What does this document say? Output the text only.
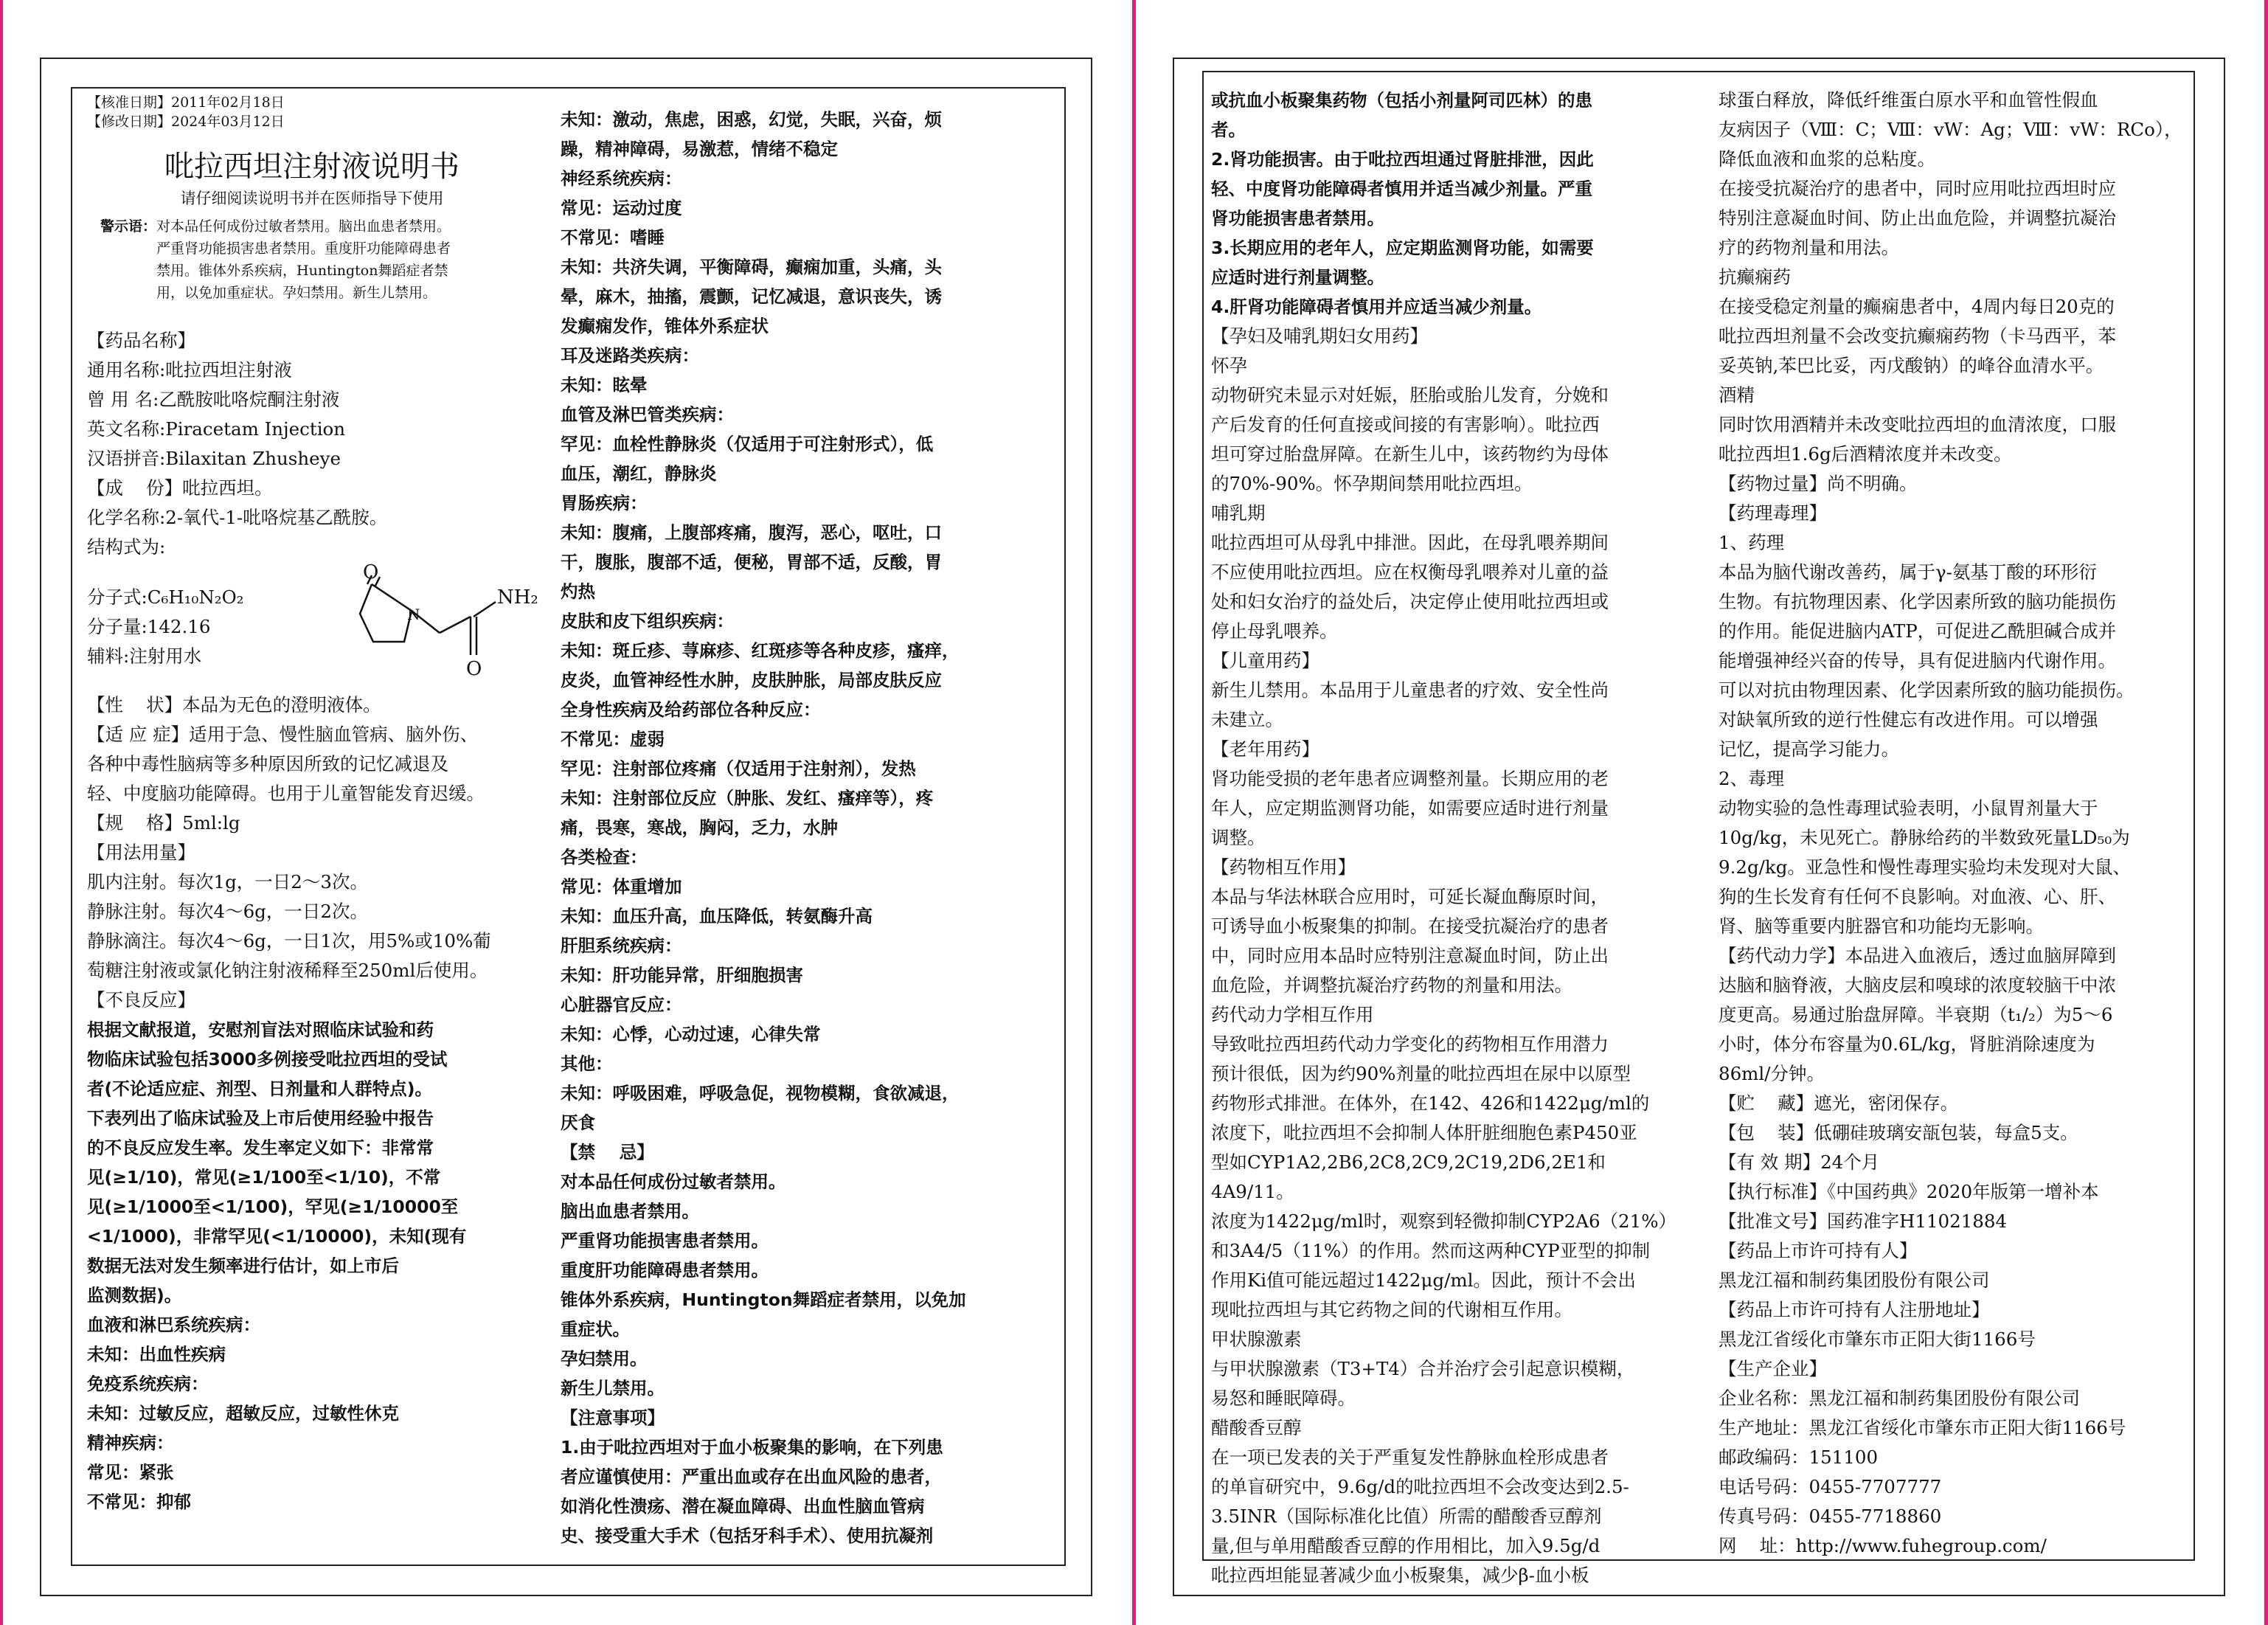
【核准日期】2011年02月18日

【修改日期】2024年03月12日

吡拉西坦注射液说明书

请仔细阅读说明书并在医师指导下使用

警示语： 对本品任何成份过敏者禁用。脑出血患者禁用。严重肾功能损害患者禁用。重度肝功能障碍患者禁用。锥体外系疾病，Huntington舞蹈症者禁用，以免加重症状。孕妇禁用。新生儿禁用。

【药品名称】

通用名称:吡拉西坦注射液

曾 用 名:乙酰胺吡咯烷酮注射液

英文名称:Piracetam Injection

汉语拼音:Bilaxitan Zhusheye

【成    份】吡拉西坦。

化学名称:2-氧代-1-吡咯烷基乙酰胺。

结构式为:

分子式:C₆H₁₀N₂O₂

分子量:142.16

辅料:注射用水

O
N
NH₂
O

【性    状】本品为无色的澄明液体。

【适 应 症】适用于急、慢性脑血管病、脑外伤、

各种中毒性脑病等多种原因所致的记忆减退及

轻、中度脑功能障碍。也用于儿童智能发育迟缓。

【规    格】5ml:lg

【用法用量】

肌内注射。每次1g，一日2～3次。

静脉注射。每次4～6g，一日2次。

静脉滴注。每次4～6g，一日1次，用5%或10%葡

萄糖注射液或氯化钠注射液稀释至250ml后使用。

【不良反应】

根据文献报道，安慰剂盲法对照临床试验和药

物临床试验包括3000多例接受吡拉西坦的受试

者(不论适应症、剂型、日剂量和人群特点)。

下表列出了临床试验及上市后使用经验中报告

的不良反应发生率。发生率定义如下：非常常

见(≥1/10)，常见(≥1/100至<1/10)，不常

见(≥1/1000至<1/100)，罕见(≥1/10000至

<1/1000)，非常罕见(<1/10000)，未知(现有

数据无法对发生频率进行估计，如上市后

监测数据)。

血液和淋巴系统疾病：

未知：出血性疾病

免疫系统疾病：

未知：过敏反应，超敏反应，过敏性休克

精神疾病：

常见：紧张

不常见：抑郁

未知：激动，焦虑，困惑，幻觉，失眠，兴奋，烦

躁，精神障碍，易激惹，情绪不稳定

神经系统疾病：

常见：运动过度

不常见：嗜睡

未知：共济失调，平衡障碍，癫痫加重，头痛，头

晕，麻木，抽搐，震颤，记忆减退，意识丧失，诱

发癫痫发作，锥体外系症状

耳及迷路类疾病：

未知：眩晕

血管及淋巴管类疾病：

罕见：血栓性静脉炎（仅适用于可注射形式），低

血压，潮红，静脉炎

胃肠疾病：

未知：腹痛，上腹部疼痛，腹泻，恶心，呕吐，口

干，腹胀，腹部不适，便秘，胃部不适，反酸，胃

灼热

皮肤和皮下组织疾病：

未知：斑丘疹、荨麻疹、红斑疹等各种皮疹，瘙痒，

皮炎，血管神经性水肿，皮肤肿胀，局部皮肤反应

全身性疾病及给药部位各种反应：

不常见：虚弱

罕见：注射部位疼痛（仅适用于注射剂），发热

未知：注射部位反应（肿胀、发红、瘙痒等），疼

痛，畏寒，寒战，胸闷，乏力，水肿

各类检查：

常见：体重增加

未知：血压升高，血压降低，转氨酶升高

肝胆系统疾病：

未知：肝功能异常，肝细胞损害

心脏器官反应：

未知：心悸，心动过速，心律失常

其他：

未知：呼吸困难，呼吸急促，视物模糊，食欲减退，

厌食

【禁    忌】

对本品任何成份过敏者禁用。

脑出血患者禁用。

严重肾功能损害患者禁用。

重度肝功能障碍患者禁用。

锥体外系疾病，Huntington舞蹈症者禁用，以免加

重症状。

孕妇禁用。

新生儿禁用。

【注意事项】

1.由于吡拉西坦对于血小板聚集的影响，在下列患

者应谨慎使用：严重出血或存在出血风险的患者，

如消化性溃疡、潜在凝血障碍、出血性脑血管病

史、接受重大手术（包括牙科手术）、使用抗凝剂

或抗血小板聚集药物（包括小剂量阿司匹林）的患

者。

2.肾功能损害。由于吡拉西坦通过肾脏排泄，因此

轻、中度肾功能障碍者慎用并适当减少剂量。严重

肾功能损害患者禁用。

3.长期应用的老年人，应定期监测肾功能，如需要

应适时进行剂量调整。

4.肝肾功能障碍者慎用并应适当减少剂量。

【孕妇及哺乳期妇女用药】

怀孕

动物研究未显示对妊娠，胚胎或胎儿发育，分娩和

产后发育的任何直接或间接的有害影响）。吡拉西

坦可穿过胎盘屏障。在新生儿中，该药物约为母体

的70%-90%。怀孕期间禁用吡拉西坦。

哺乳期

吡拉西坦可从母乳中排泄。因此，在母乳喂养期间

不应使用吡拉西坦。应在权衡母乳喂养对儿童的益

处和妇女治疗的益处后，决定停止使用吡拉西坦或

停止母乳喂养。

【儿童用药】

新生儿禁用。本品用于儿童患者的疗效、安全性尚

未建立。

【老年用药】

肾功能受损的老年患者应调整剂量。长期应用的老

年人，应定期监测肾功能，如需要应适时进行剂量

调整。

【药物相互作用】

本品与华法林联合应用时，可延长凝血酶原时间，

可诱导血小板聚集的抑制。在接受抗凝治疗的患者

中，同时应用本品时应特别注意凝血时间，防止出

血危险，并调整抗凝治疗药物的剂量和用法。

药代动力学相互作用

导致吡拉西坦药代动力学变化的药物相互作用潜力

预计很低，因为约90%剂量的吡拉西坦在尿中以原型

药物形式排泄。在体外，在142、426和1422μg/ml的

浓度下，吡拉西坦不会抑制人体肝脏细胞色素P450亚

型如CYP1A2,2B6,2C8,2C9,2C19,2D6,2E1和4A9/11。

浓度为1422μg/ml时，观察到轻微抑制CYP2A6（21%）

和3A4/5（11%）的作用。然而这两种CYP亚型的抑制

作用Ki值可能远超过1422μg/ml。因此，预计不会出

现吡拉西坦与其它药物之间的代谢相互作用。

甲状腺激素

与甲状腺激素（T3+T4）合并治疗会引起意识模糊，

易怒和睡眠障碍。

醋酸香豆醇

在一项已发表的关于严重复发性静脉血栓形成患者

的单盲研究中，9.6g/d的吡拉西坦不会改变达到2.5-

3.5INR（国际标准化比值）所需的醋酸香豆醇剂

量,但与单用醋酸香豆醇的作用相比，加入9.5g/d

吡拉西坦能显著减少血小板聚集，减少β-血小板

球蛋白释放，降低纤维蛋白原水平和血管性假血

友病因子（Ⅷ：C；Ⅷ：vW：Ag；Ⅷ：vW：RCo），

降低血液和血浆的总粘度。

在接受抗凝治疗的患者中，同时应用吡拉西坦时应

特别注意凝血时间、防止出血危险，并调整抗凝治

疗的药物剂量和用法。

抗癫痫药

在接受稳定剂量的癫痫患者中，4周内每日20克的

吡拉西坦剂量不会改变抗癫痫药物（卡马西平，苯

妥英钠,苯巴比妥，丙戊酸钠）的峰谷血清水平。

酒精

同时饮用酒精并未改变吡拉西坦的血清浓度，口服

吡拉西坦1.6g后酒精浓度并未改变。

【药物过量】尚不明确。

【药理毒理】

1、药理

本品为脑代谢改善药，属于γ-氨基丁酸的环形衍

生物。有抗物理因素、化学因素所致的脑功能损伤

的作用。能促进脑内ATP，可促进乙酰胆碱合成并

能增强神经兴奋的传导，具有促进脑内代谢作用。

可以对抗由物理因素、化学因素所致的脑功能损伤。

对缺氧所致的逆行性健忘有改进作用。可以增强

记忆，提高学习能力。

2、毒理

动物实验的急性毒理试验表明，小鼠胃剂量大于

10g/kg，未见死亡。静脉给药的半数致死量LD₅₀为

9.2g/kg。亚急性和慢性毒理实验均未发现对大鼠、

狗的生长发育有任何不良影响。对血液、心、肝、

肾、脑等重要内脏器官和功能均无影响。

【药代动力学】本品进入血液后，透过血脑屏障到

达脑和脑脊液，大脑皮层和嗅球的浓度较脑干中浓

度更高。易通过胎盘屏障。半衰期（t₁/₂）为5～6

小时，体分布容量为0.6L/kg，肾脏消除速度为

86ml/分钟。

【贮    藏】遮光，密闭保存。

【包    装】低硼硅玻璃安瓿包装，每盒5支。

【有 效 期】24个月

【执行标准】《中国药典》2020年版第一增补本

【批准文号】国药准字H11021884

【药品上市许可持有人】

黑龙江福和制药集团股份有限公司

【药品上市许可持有人注册地址】

黑龙江省绥化市肇东市正阳大街1166号

【生产企业】

企业名称：黑龙江福和制药集团股份有限公司

生产地址：黑龙江省绥化市肇东市正阳大街1166号

邮政编码：151100

电话号码：0455-7707777

传真号码：0455-7718860

网    址：http://www.fuhegroup.com/
